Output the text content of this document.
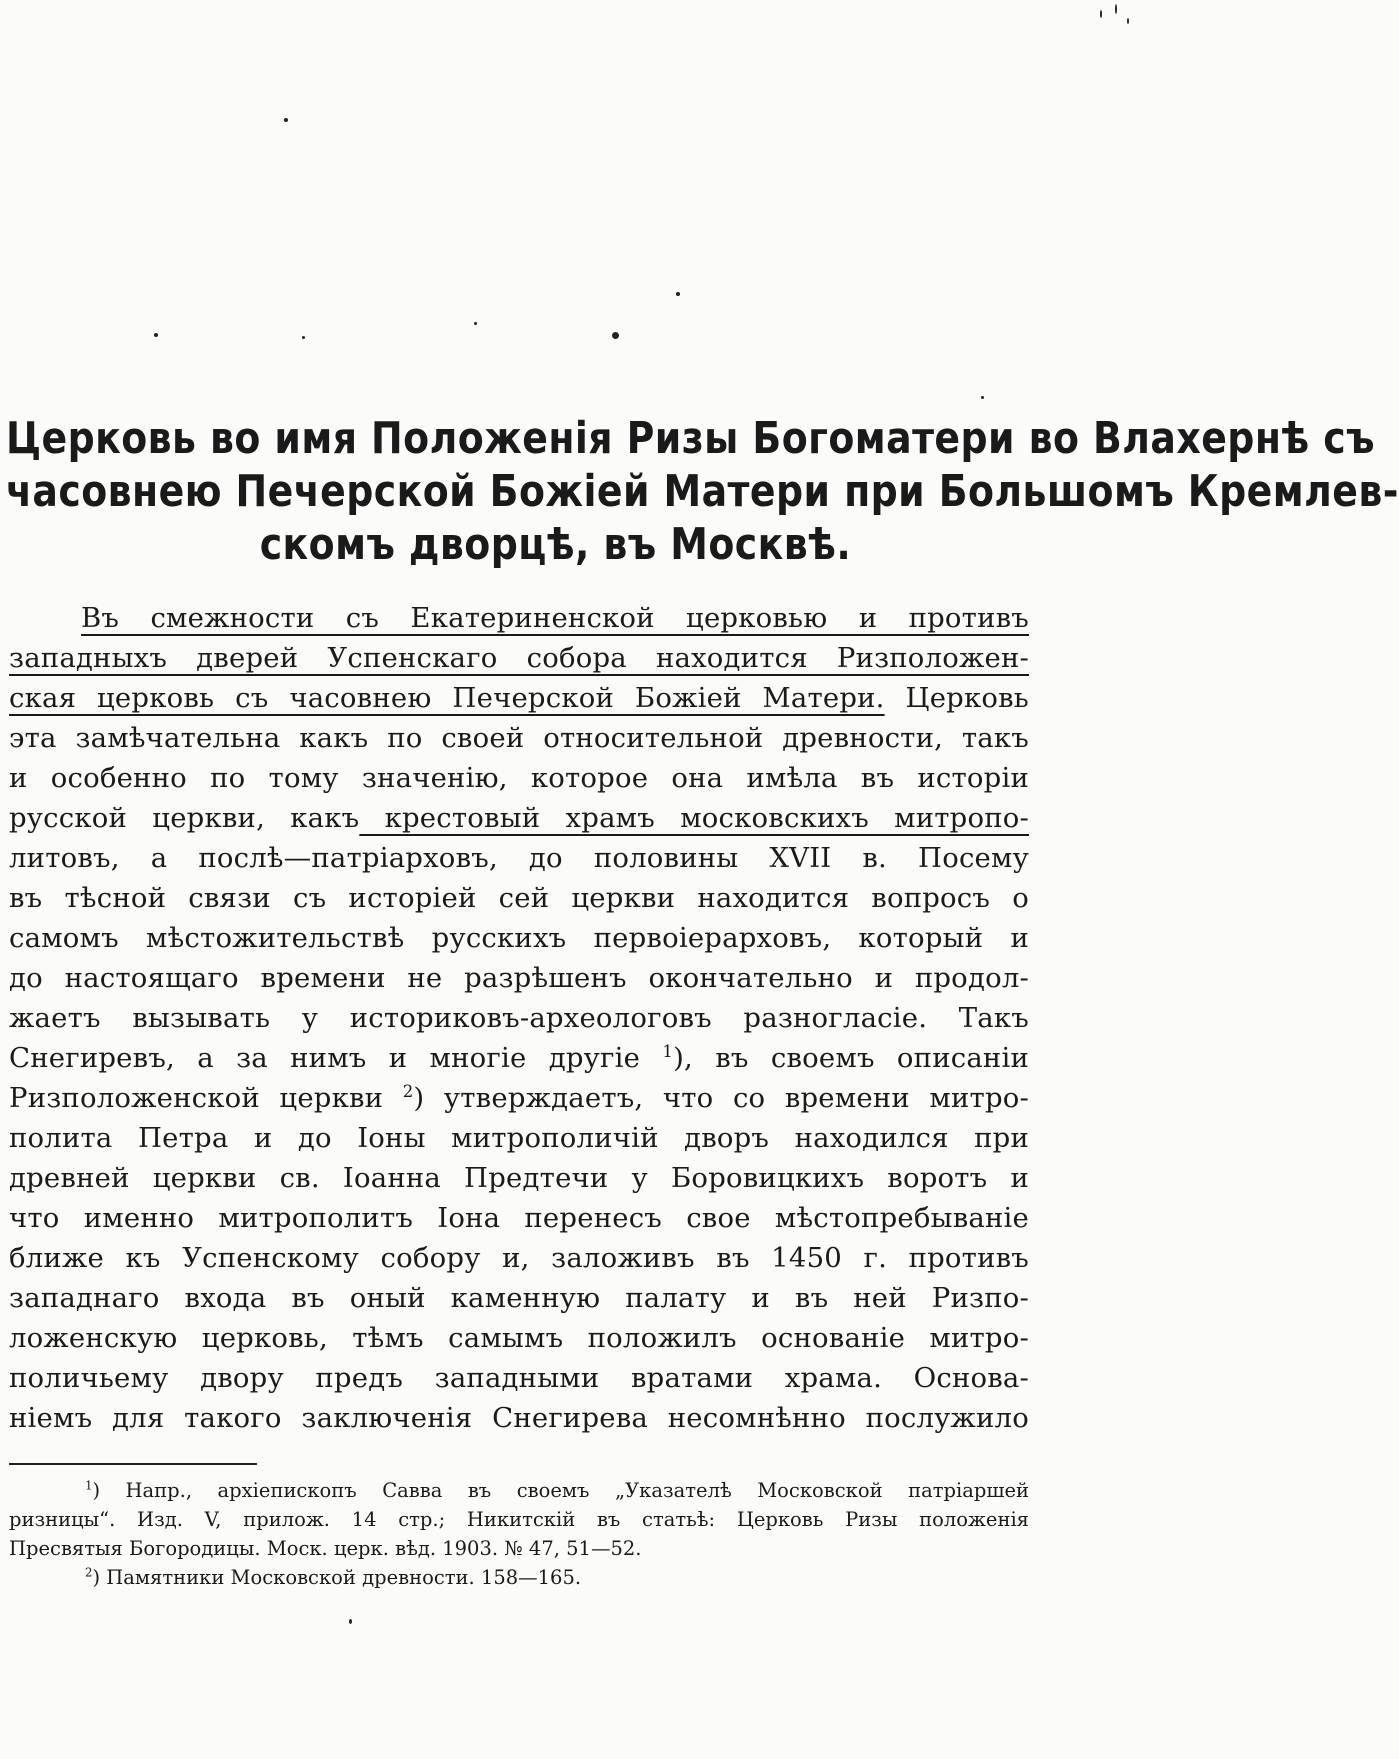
Церковь во имя Положенія Ризы Богоматери во Влахернѣ съ
часовнею Печерской Божіей Матери при Большомъ Кремлев-
скомъ дворцѣ, въ Москвѣ.
Въ смежности съ Екатериненской церковью и противъ
западныхъ дверей Успенскаго собора находится Ризположен-
ская церковь съ часовнею Печерской Божіей Матери. Церковь
эта замѣчательна какъ по своей относительной древности, такъ
и особенно по тому значенію, которое она имѣла въ исторіи
русской церкви, какъ крестовый храмъ московскихъ митропо-
литовъ, а послѣ—патріарховъ, до половины XVII в. Посему
въ тѣсной связи съ исторіей сей церкви находится вопросъ о
самомъ мѣстожительствѣ русскихъ первоіерарховъ, который и
до настоящаго времени не разрѣшенъ окончательно и продол-
жаетъ вызывать у историковъ-археологовъ разногласіе. Такъ
Снегиревъ, а за нимъ и многіе другіе $^1$), въ своемъ описаніи
Ризположенской церкви $^2$) утверждаетъ, что со времени митро-
полита Петра и до Іоны митрополичій дворъ находился при
древней церкви св. Іоанна Предтечи у Боровицкихъ воротъ и
что именно митрополитъ Іона перенесъ свое мѣстопребываніе
ближе къ Успенскому собору и, заложивъ въ 1450 г. противъ
западнаго входа въ оный каменную палату и въ ней Ризпо-
ложенскую церковь, тѣмъ самымъ положилъ основаніе митро-
поличьему двору предъ западными вратами храма. Основа-
ніемъ для такого заключенія Снегирева несомнѣнно послужило
$^1$) Напр., архіепископъ Савва въ своемъ „Указателѣ Московской патріаршей
ризницы“. Изд. V, прилож. 14 стр.; Никитскій въ статьѣ: Церковь Ризы положенія
Пресвятыя Богородицы. Моск. церк. вѣд. 1903. № 47, 51—52.
$^2$) Памятники Московской древности. 158—165.
